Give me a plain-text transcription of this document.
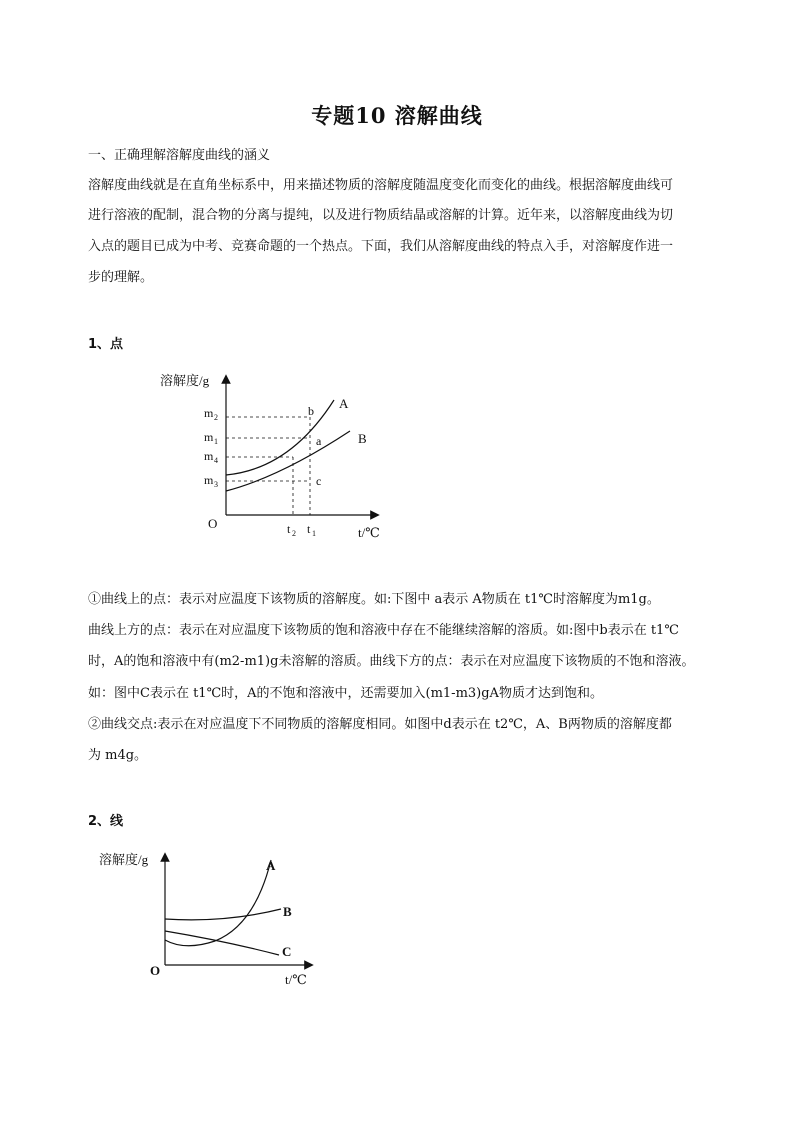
专题10 溶解曲线
一、正确理解溶解度曲线的涵义
溶解度曲线就是在直角坐标系中，用来描述物质的溶解度随温度变化而变化的曲线。根据溶解度曲线可
进行溶液的配制，混合物的分离与提纯，以及进行物质结晶或溶解的计算。近年来，以溶解度曲线为切
入点的题目已成为中考、竞赛命题的一个热点。下面，我们从溶解度曲线的特点入手，对溶解度作进一
步的理解。
1、点
溶解度/g
O
m 2
m 1
m 4
m 3
t 2 t 1	t/℃
A
B
b
a
c
①曲线上的点：表示对应温度下该物质的溶解度。如:下图中 a表示 A物质在 t1℃时溶解度为m1g。
曲线上方的点：表示在对应温度下该物质的饱和溶液中存在不能继续溶解的溶质。如:图中b表示在 t1℃
时，A的饱和溶液中有(m2-m1)g未溶解的溶质。曲线下方的点：表示在对应温度下该物质的不饱和溶液。
如：图中C表示在 t1℃时，A的不饱和溶液中，还需要加入(m1-m3)gA物质才达到饱和。
②曲线交点:表示在对应温度下不同物质的溶解度相同。如图中d表示在 t2℃，A、B两物质的溶解度都
为 m4g。
2、线
溶解度/g
O
t/℃
A
B
C
